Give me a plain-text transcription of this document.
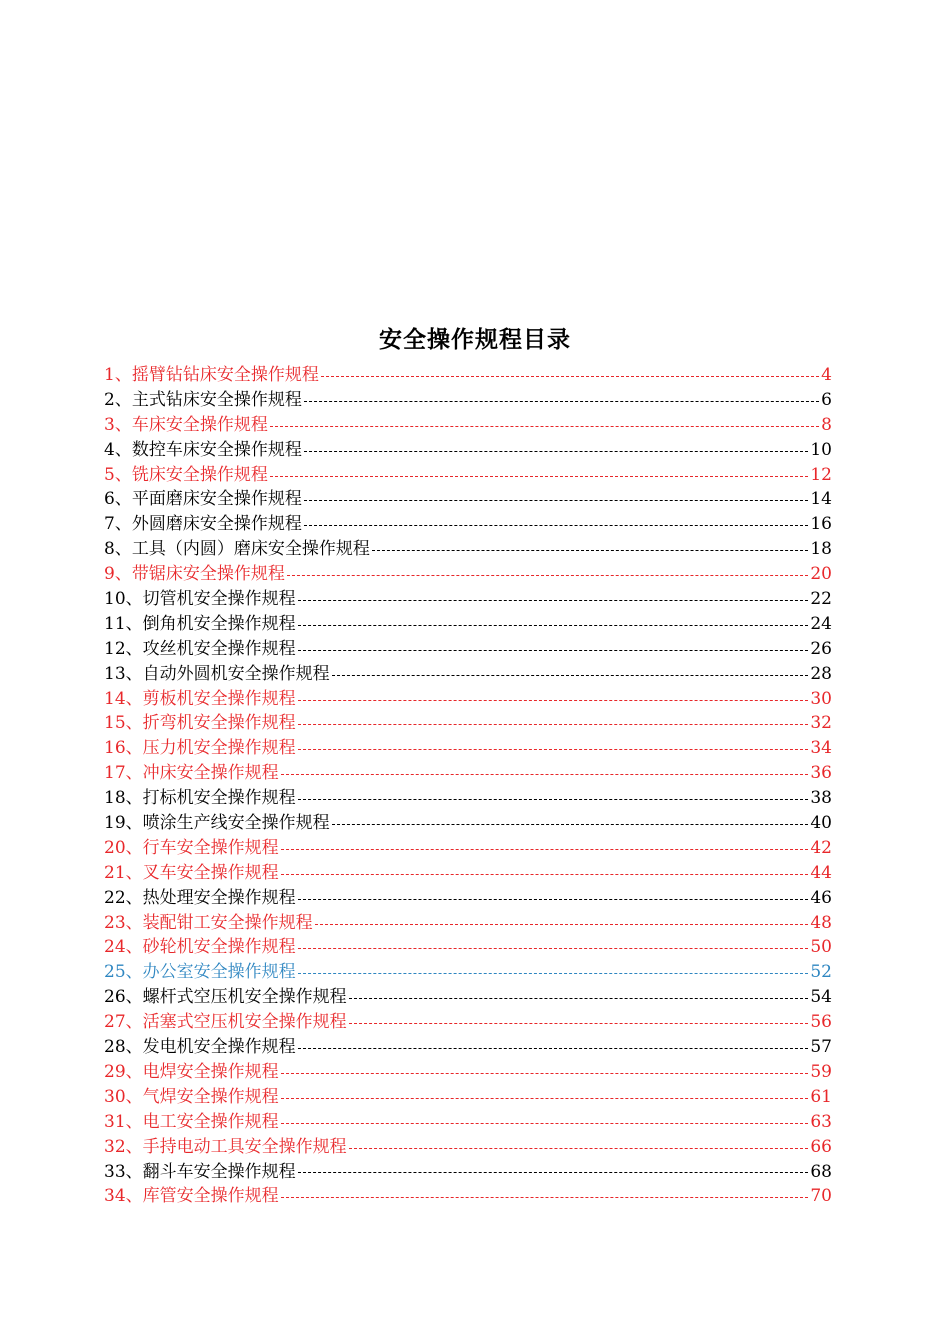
安全操作规程目录
1、 摇臂钻钻床安全操作规程	4
2、 主式钻床安全操作规程	6
3、 车床安全操作规程	8
4、 数控车床安全操作规程	10
5、 铣床安全操作规程	12
6、 平面磨床安全操作规程	14
7、 外圆磨床安全操作规程	16
8、 工具（内圆）磨床安全操作规程	18
9、 带锯床安全操作规程	20
10、 切管机安全操作规程	22
11、 倒角机安全操作规程	24
12、 攻丝机安全操作规程	26
13、 自动外圆机安全操作规程	28
14、 剪板机安全操作规程	30
15、 折弯机安全操作规程	32
16、 压力机安全操作规程	34
17、 冲床安全操作规程	36
18、 打标机安全操作规程	38
19、 喷涂生产线安全操作规程	40
20、 行车安全操作规程	42
21、 叉车安全操作规程	44
22、 热处理安全操作规程	46
23、 装配钳工安全操作规程	48
24、 砂轮机安全操作规程	50
25、 办公室安全操作规程	52
26、 螺杆式空压机安全操作规程	54
27、 活塞式空压机安全操作规程	56
28、 发电机安全操作规程	57
29、 电焊安全操作规程	59
30、 气焊安全操作规程	61
31、 电工安全操作规程	63
32、 手持电动工具安全操作规程	66
33、 翻斗车安全操作规程	68
34、 库管安全操作规程	70
